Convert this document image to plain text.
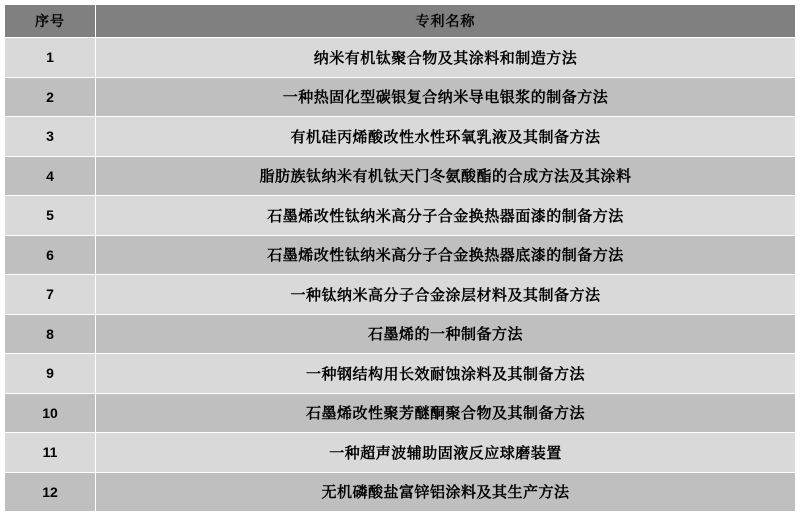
序号	专利名称
1	纳米有机钛聚合物及其涂料和制造方法
2	一种热固化型碳银复合纳米导电银浆的制备方法
3	有机硅丙烯酸改性水性环氧乳液及其制备方法
4	脂肪族钛纳米有机钛天门冬氨酸酯的合成方法及其涂料
5	石墨烯改性钛纳米高分子合金换热器面漆的制备方法
6	石墨烯改性钛纳米高分子合金换热器底漆的制备方法
7	一种钛纳米高分子合金涂层材料及其制备方法
8	石墨烯的一种制备方法
9	一种钢结构用长效耐蚀涂料及其制备方法
10	石墨烯改性聚芳醚酮聚合物及其制备方法
11	一种超声波辅助固液反应球磨装置
12	无机磷酸盐富锌铝涂料及其生产方法
